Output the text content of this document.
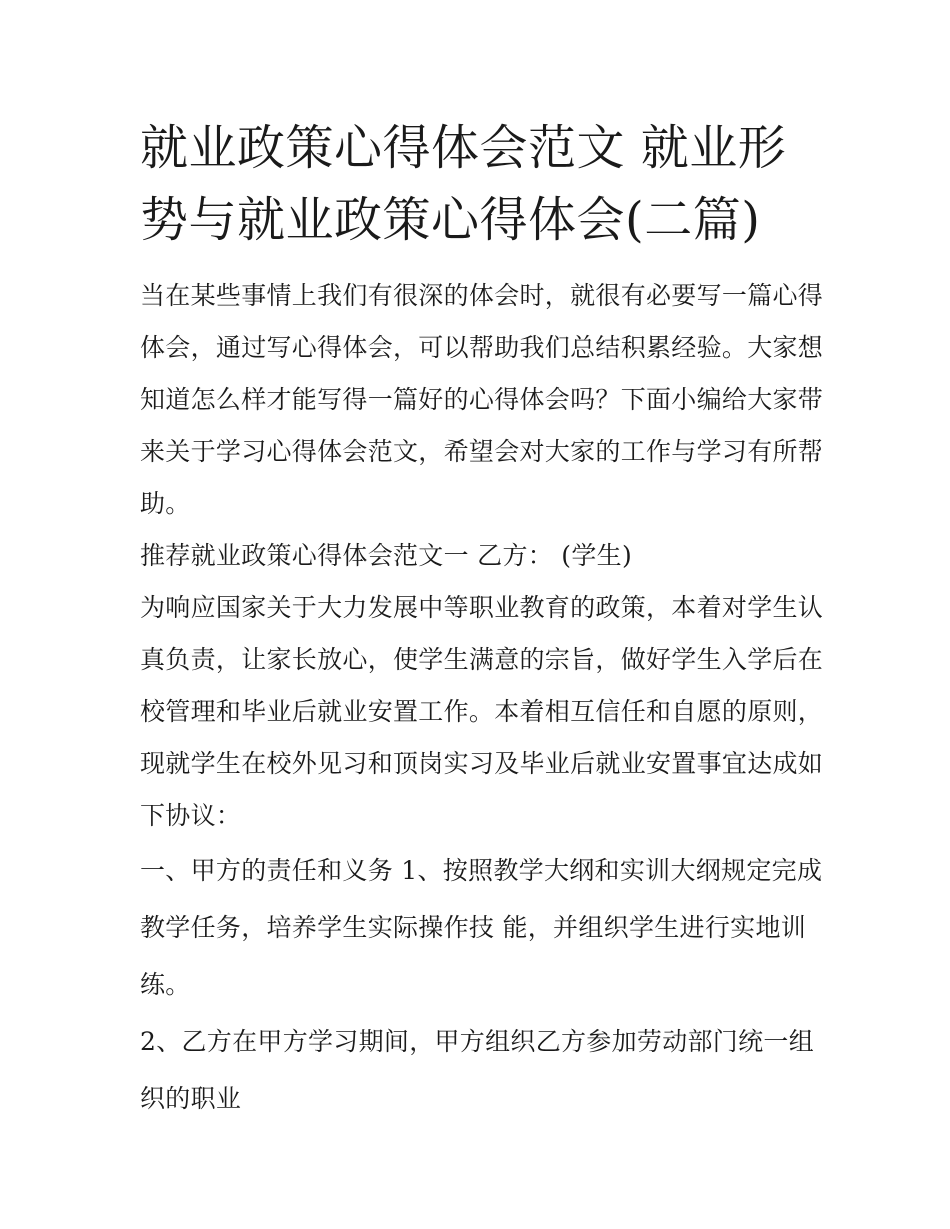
就业政策心得体会范文 就业形
势与就业政策心得体会(二篇)

当在某些事情上我们有很深的体会时，就很有必要写一篇心得
体会，通过写心得体会，可以帮助我们总结积累经验。大家想
知道怎么样才能写得一篇好的心得体会吗？下面小编给大家带
来关于学习心得体会范文，希望会对大家的工作与学习有所帮
助。

推荐就业政策心得体会范文一 乙方： (学生)

为响应国家关于大力发展中等职业教育的政策，本着对学生认
真负责，让家长放心，使学生满意的宗旨，做好学生入学后在
校管理和毕业后就业安置工作。本着相互信任和自愿的原则，
现就学生在校外见习和顶岗实习及毕业后就业安置事宜达成如
下协议：

一、甲方的责任和义务 1、按照教学大纲和实训大纲规定完成
教学任务，培养学生实际操作技 能，并组织学生进行实地训
练。

2、乙方在甲方学习期间，甲方组织乙方参加劳动部门统一组
织的职业
